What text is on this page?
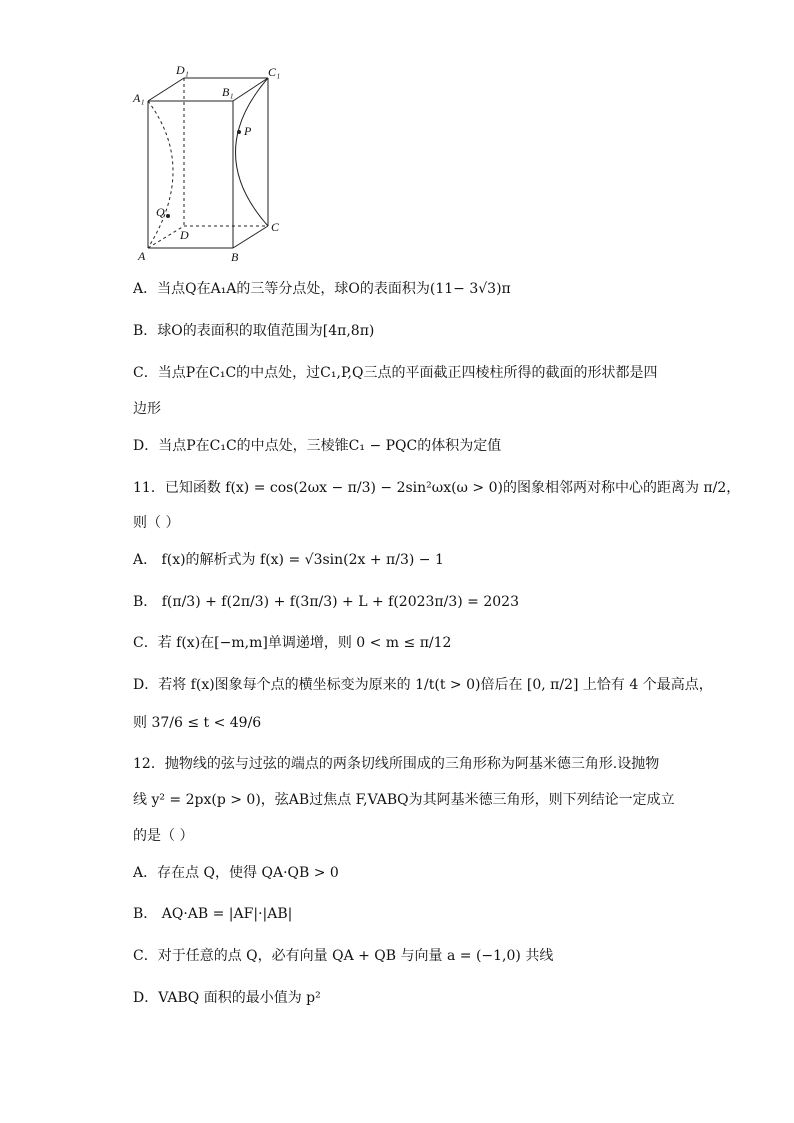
D₁	C₁
A₁	B₁
P
Q
D
C
A	B
A．当点Q在A₁A的三等分点处，球O的表面积为(11− 3√3)π
B．球O的表面积的取值范围为[4π,8π)
C．当点P在C₁C的中点处，过C₁,P,Q三点的平面截正四棱柱所得的截面的形状都是四
边形
D．当点P在C₁C的中点处，三棱锥C₁ − PQC的体积为定值
11．已知函数 f(x) = cos(2ωx − π/3) − 2sin²ωx(ω > 0)的图象相邻两对称中心的距离为 π/2，
则（ ）
A． f(x)的解析式为 f(x) = √3sin(2x + π/3) − 1
B． f(π/3) + f(2π/3) + f(3π/3) + L + f(2023π/3) = 2023
C．若 f(x)在[−m,m]单调递增，则 0 < m ≤ π/12
D．若将 f(x)图象每个点的横坐标变为原来的 1/t(t > 0)倍后在 [0, π/2] 上恰有 4 个最高点，
则 37/6 ≤ t < 49/6
12．抛物线的弦与过弦的端点的两条切线所围成的三角形称为阿基米德三角形.设抛物
线 y² = 2px(p > 0)，弦AB过焦点 F,VABQ为其阿基米德三角形，则下列结论一定成立
的是（ ）
A．存在点 Q，使得 QA·QB > 0
B． AQ·AB = |AF|·|AB|
C．对于任意的点 Q，必有向量 QA + QB 与向量 a = (−1,0) 共线
D．VABQ 面积的最小值为 p²
